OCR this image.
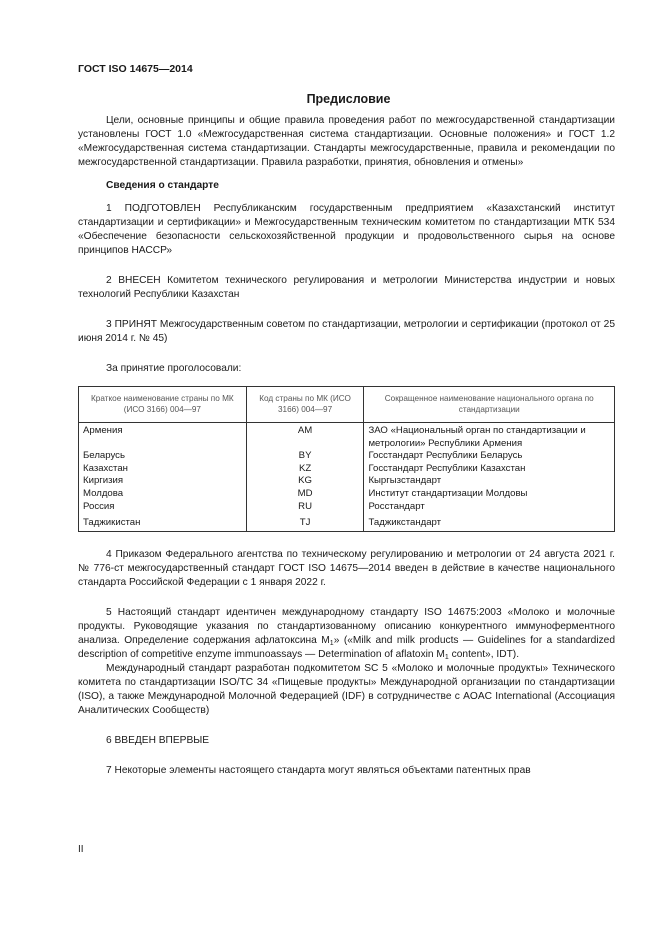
ГОСТ ISO 14675—2014
Предисловие

Цели, основные принципы и общие правила проведения работ по межгосударственной стандартизации установлены ГОСТ 1.0 «Межгосударственная система стандартизации. Основные положения» и ГОСТ 1.2 «Межгосударственная система стандартизации. Стандарты межгосударственные, правила и рекомендации по межгосударственной стандартизации. Правила разработки, принятия, обновления и отмены»

Сведения о стандарте

1 ПОДГОТОВЛЕН Республиканским государственным предприятием «Казахстанский институт стандартизации и сертификации» и Межгосударственным техническим комитетом по стандартизации МТК 534 «Обеспечение безопасности сельскохозяйственной продукции и продовольственного сырья на основе принципов НАССР»

2 ВНЕСЕН Комитетом технического регулирования и метрологии Министерства индустрии и новых технологий Республики Казахстан

3 ПРИНЯТ Межгосударственным советом по стандартизации, метрологии и сертификации (протокол от 25 июня 2014 г. № 45)

За принятие проголосовали:

Краткое наименование страны по МК (ИСО 3166) 004—97	Код страны по МК (ИСО 3166) 004—97	Сокращенное наименование национального органа по стандартизации
Армения	AM	ЗАО «Национальный орган по стандартизации и метрологии» Республики Армения
Беларусь	BY	Госстандарт Республики Беларусь
Казахстан	KZ	Госстандарт Республики Казахстан
Киргизия	KG	Кыргызстандарт
Молдова	MD	Институт стандартизации Молдовы
Россия	RU	Росстандарт

Таджикистан	TJ	Таджикстандарт

4 Приказом Федерального агентства по техническому регулированию и метрологии от 24 августа 2021 г. № 776-ст межгосударственный стандарт ГОСТ ISO 14675—2014 введен в действие в качестве национального стандарта Российской Федерации с 1 января 2022 г.

5 Настоящий стандарт идентичен международному стандарту ISO 14675:2003 «Молоко и молочные продукты. Руководящие указания по стандартизованному описанию конкурентного иммуноферментного анализа. Определение содержания афлатоксина $M_1$» («Milk and milk products — Guidelines for a standardized description of competitive enzyme immunoassays — Determination of aflatoxin $M_1$ content», IDT).

Международный стандарт разработан подкомитетом SC 5 «Молоко и молочные продукты» Технического комитета по стандартизации ISO/TC 34 «Пищевые продукты» Международной организации по стандартизации (ISO), а также Международной Молочной Федерацией (IDF) в сотрудничестве с AOAC International (Ассоциация Аналитических Сообществ)

6 ВВЕДЕН ВПЕРВЫЕ

7 Некоторые элементы настоящего стандарта могут являться объектами патентных прав

II
